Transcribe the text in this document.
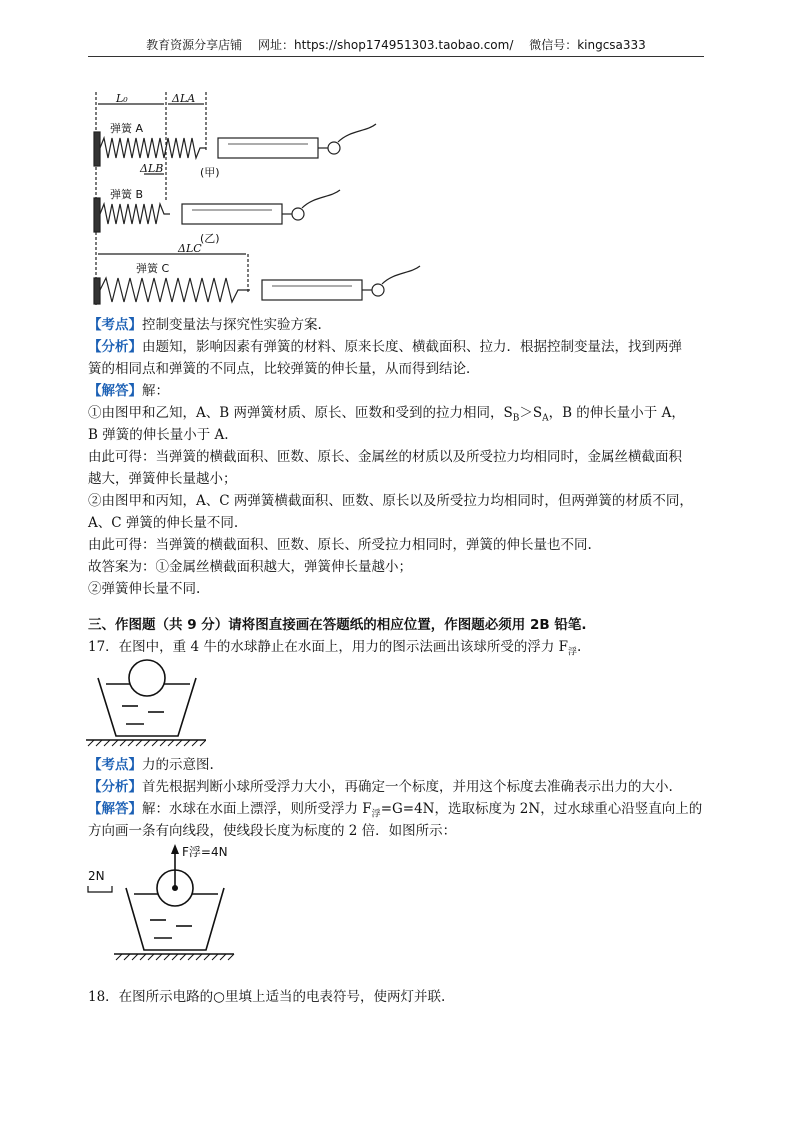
教育资源分享店铺 网址：https://shop174951303.taobao.com/ 微信号：kingcsa333
L₀	ΔLA
ΔLB
ΔLC
弹簧 A
弹簧 B
弹簧 C
(甲)
(乙)
【考点】控制变量法与探究性实验方案.
【分析】由题知，影响因素有弹簧的材料、原来长度、横截面积、拉力．根据控制变量法，找到两弹
簧的相同点和弹簧的不同点，比较弹簧的伸长量，从而得到结论．
【解答】解：
①由图甲和乙知，A、B 两弹簧材质、原长、匝数和受到的拉力相同，$S_B>S_A$，B 的伸长量小于 A，
B 弹簧的伸长量小于 A.
由此可得：当弹簧的横截面积、匝数、原长、金属丝的材质以及所受拉力均相同时，金属丝横截面积
越大，弹簧伸长量越小；
②由图甲和丙知，A、C 两弹簧横截面积、匝数、原长以及所受拉力均相同时，但两弹簧的材质不同，
A、C 弹簧的伸长量不同.
由此可得：当弹簧的横截面积、匝数、原长、所受拉力相同时，弹簧的伸长量也不同.
故答案为：①金属丝横截面积越大，弹簧伸长量越小；
②弹簧伸长量不同.
三、作图题（共 9 分）请将图直接画在答题纸的相应位置，作图题必须用 2B 铅笔.
17．在图中，重 4 牛的水球静止在水面上，用力的图示法画出该球所受的浮力 $F_浮$.
【考点】力的示意图.
【分析】首先根据判断小球所受浮力大小，再确定一个标度，并用这个标度去准确表示出力的大小.
【解答】解：水球在水面上漂浮，则所受浮力 $F_浮=G=4N$，选取标度为 2N，过水球重心沿竖直向上的
方向画一条有向线段，使线段长度为标度的 2 倍．如图所示：
F浮=4N
2N
18．在图所示电路的○里填上适当的电表符号，使两灯并联.
